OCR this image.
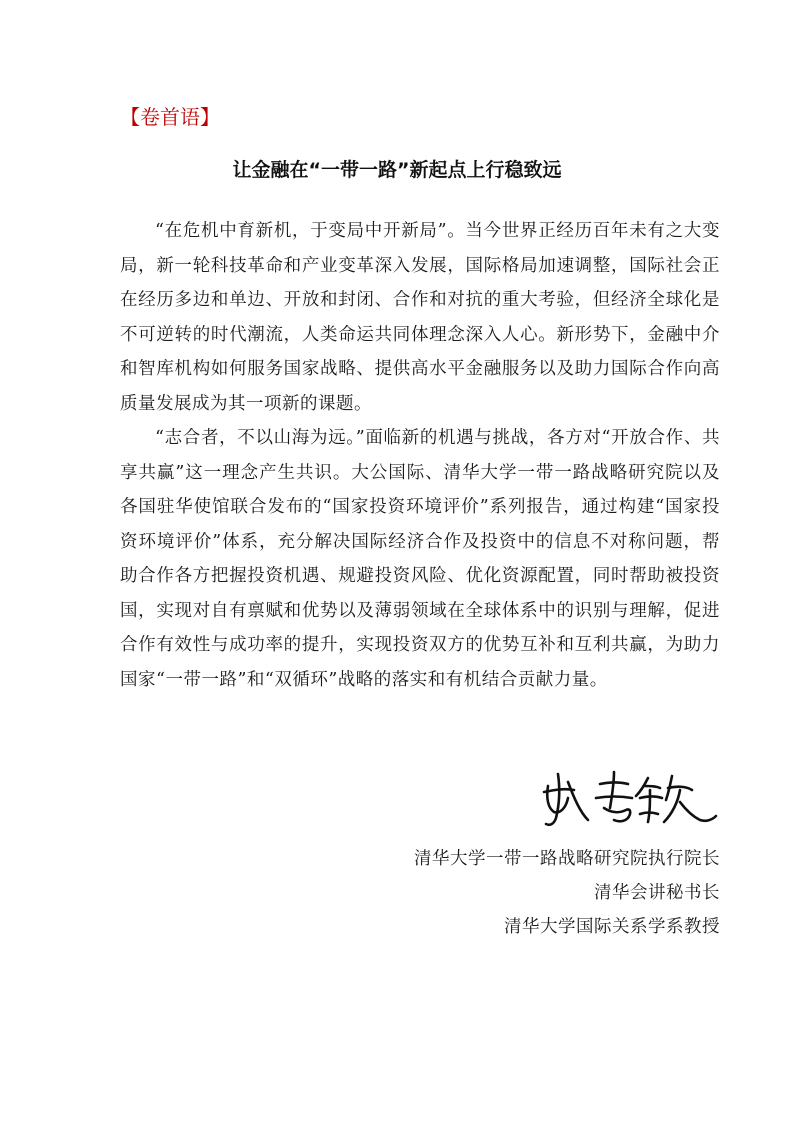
【卷首语】
让金融在“一带一路”新起点上行稳致远

“在危机中育新机，于变局中开新局”。当今世界正经历百年未有之大变局，新一轮科技革命和产业变革深入发展，国际格局加速调整，国际社会正在经历多边和单边、开放和封闭、合作和对抗的重大考验，但经济全球化是不可逆转的时代潮流，人类命运共同体理念深入人心。新形势下，金融中介和智库机构如何服务国家战略、提供高水平金融服务以及助力国际合作向高质量发展成为其一项新的课题。

“志合者，不以山海为远。”面临新的机遇与挑战，各方对“开放合作、共享共赢”这一理念产生共识。大公国际、清华大学一带一路战略研究院以及各国驻华使馆联合发布的“国家投资环境评价”系列报告，通过构建“国家投资环境评价”体系，充分解决国际经济合作及投资中的信息不对称问题，帮助合作各方把握投资机遇、规避投资风险、优化资源配置，同时帮助被投资国，实现对自有禀赋和优势以及薄弱领域在全球体系中的识别与理解，促进合作有效性与成功率的提升，实现投资双方的优势互补和互利共赢，为助力国家“一带一路”和“双循环”战略的落实和有机结合贡献力量。

清华大学一带一路战略研究院执行院长
清华会讲秘书长
清华大学国际关系学系教授
